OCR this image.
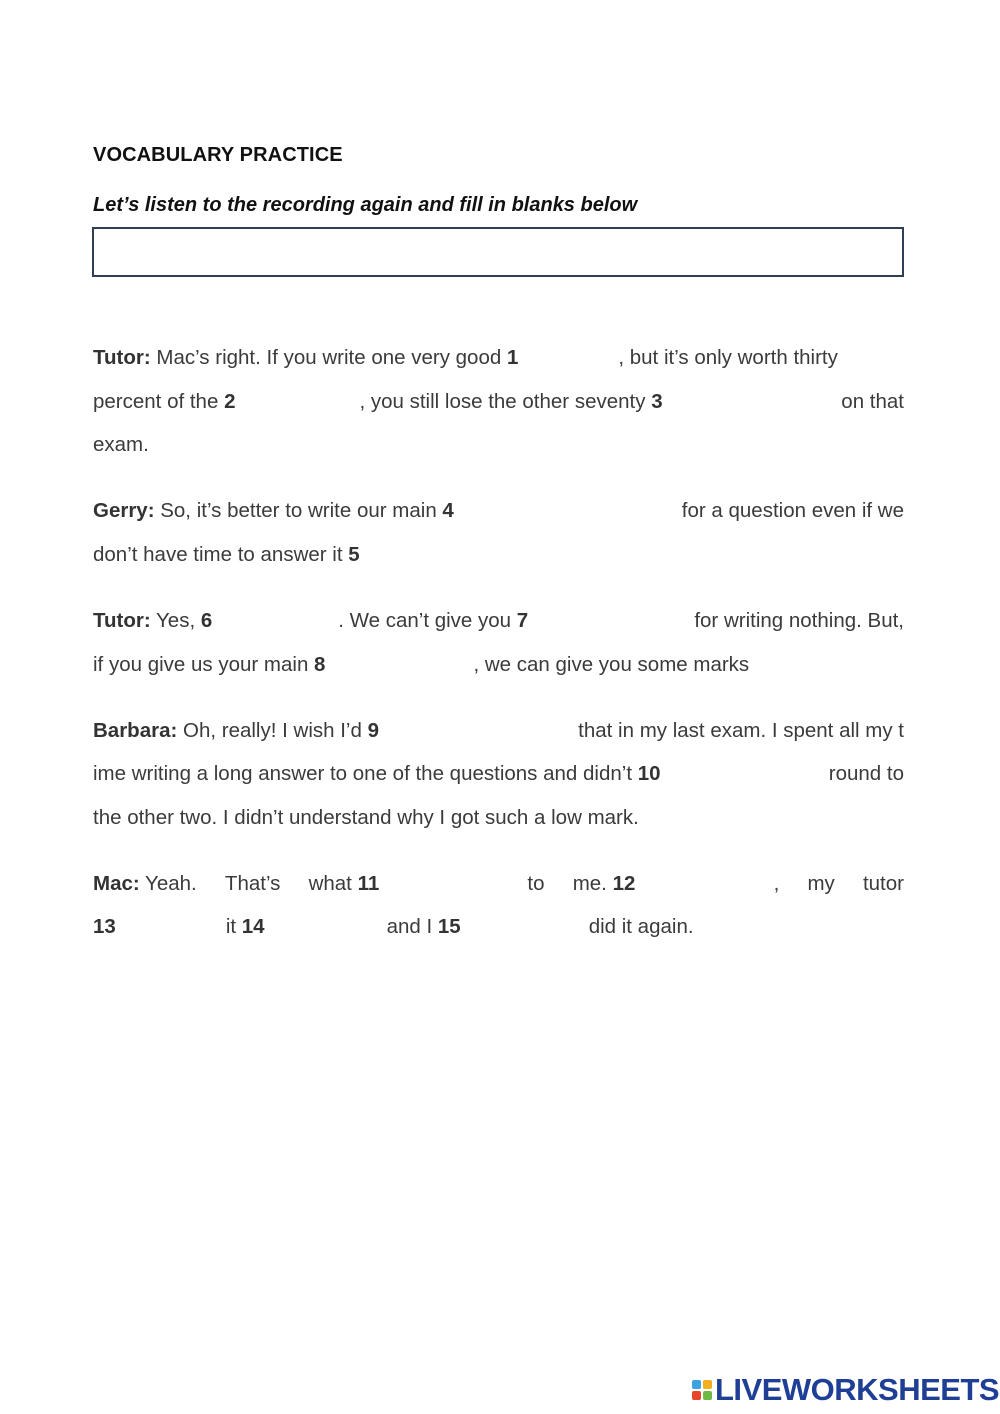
VOCABULARY PRACTICE
Let’s listen to the recording again and fill in blanks below
Tutor: Mac’s right. If you write one very good 1	, but it’s only worth thirty
percent of the 2	, you still lose the other seventy 3	on that
exam.
Gerry: So, it’s better to write our main 4	for a question even if we
don’t have time to answer it 5
Tutor: Yes, 6	. We can’t give you 7	for writing nothing. But,
if you give us your main 8	, we can give you some marks
Barbara: Oh, really! I wish I’d 9	that in my last exam. I spent all my t
ime writing a long answer to one of the questions and didn’t 10	round to
the other two. I didn’t understand why I got such a low mark.
Mac: Yeah. That’s what 11	to me. 12	, my tutor
13	it 14	and I 15	did it again.
LIVEWORKSHEETS
